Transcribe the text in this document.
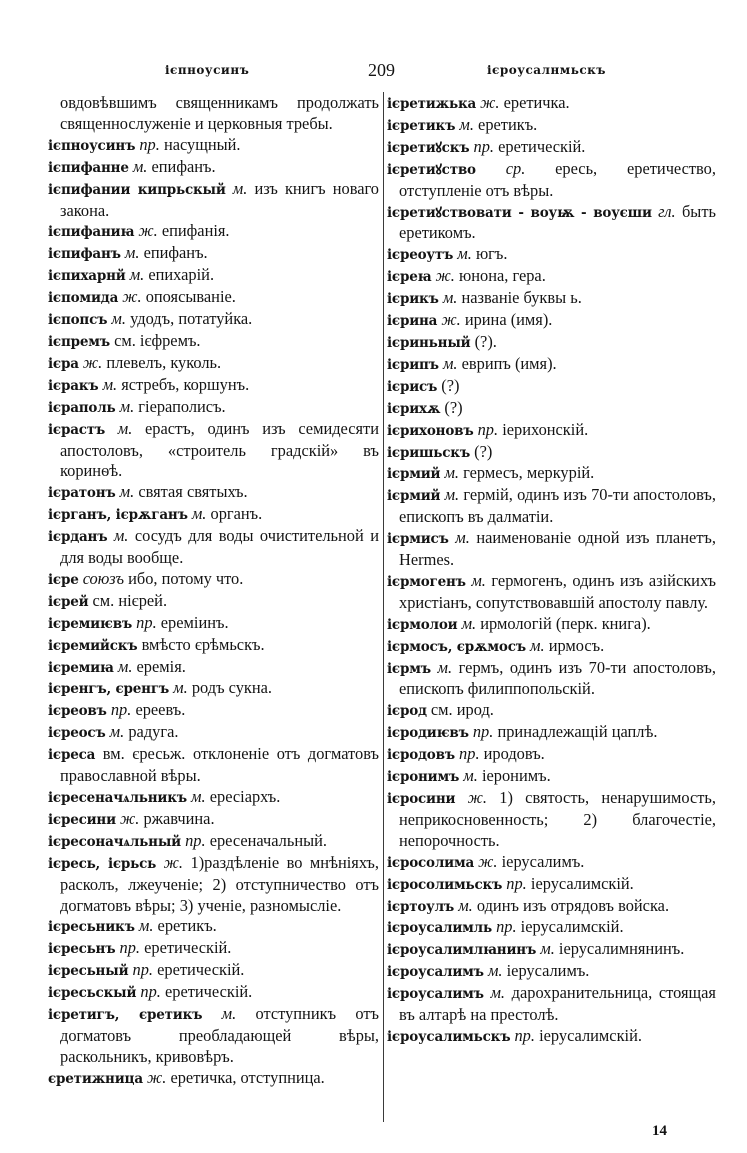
ієпноусинъ	209	ієроусалнмьскъ

овдовѣвшимъ священникамъ продолжать священнослуженіе и церковныя требы.

ієпноусинъ пр. насущный.

ієпифанне м. епифанъ.

ієпифании кипрьскый м. изъ книгъ новаго закона.

ієпифаниꙗ ж. епифанія.

ієпифанъ м. епифанъ.

ієпихарнй м. епихарій.

ієпомида ж. опоясываніе.

ієпопсъ м. удодъ, потатуйка.

ієпремъ см. ієфремъ.

ієра ж. плевелъ, куколь.

ієракъ м. ястребъ, коршунъ.

ієраполь м. гіераполисъ.

ієрастъ м. ерастъ, одинъ изъ семидесяти апостоловъ, «строитель градскій» въ коринѳѣ.

ієратонъ м. святая святыхъ.

ієрганъ, ієрѫганъ м. органъ.

ієрданъ м. сосудъ для воды очистительной и для воды вообще.

ієре союзъ ибо, потому что.

ієрей см. нієрей.

ієремиѥвъ пр. еремiинъ.

ієремийскъ вмѣсто єрѣмьскъ.

ієремиꙗ м. еремія.

ієренгъ, єренгъ м. родъ сукна.

ієреовъ пр. ереевъ.

ієреосъ м. радуга.

ієреса вм. єресьж. отклоненіе отъ догматовъ православной вѣры.

ієресеначѧльникъ м. ересiархъ.

ієресини ж. ржавчина.

ієресоначѧльный пр. ересеначальный.

ієресь, ієрьсь ж. 1)раздѣленіе во мнѣніяхъ, расколъ, лжеученіе; 2) отступничество отъ догматовъ вѣры; 3) ученіе, разномысліе.

ієресьникъ м. еретикъ.

ієресьнъ пр. еретическій.

ієресьный пр. еретическій.

ієресьскый пр. еретическій.

ієретигъ, єретикъ м. отступникъ отъ догматовъ преобладающей вѣры, раскольникъ, кривовѣръ.

єретижница ж. еретичка, отступница.

ієретижька ж. еретичка.

ієретикъ м. еретикъ.

ієретиꙋскъ пр. еретическій.

ієретиꙋство ср. ересь, еретичество, отступленіе отъ вѣры.

ієретиꙋствовати - воуѭ - воуєши гл. быть еретикомъ.

ієреоутъ м. югъ.

ієреꙗ ж. юнона, гера.

ієрикъ м. названіе буквы ь.

ієрина ж. ирина (имя).

ієриньный (?).

ієрипъ м. еврипъ (имя).

ієрисъ (?)

ієрихѫ (?)

ієрихоновъ пр. iерихонскiй.

ієришьскъ (?)

ієрмий м. гермесъ, меркурій.

ієрмий м. гермій, одинъ изъ 70-ти апостоловъ, епископъ въ далматіи.

ієрмисъ м. наименованіе одной изъ планетъ, Hermes.

ієрмогенъ м. гермогенъ, одинъ изъ азійскихъ христіанъ, сопутствовавшій апостолу павлу.

ієрмолои м. ирмологій (перк. книга).

ієрмосъ, єрѫмосъ м. ирмосъ.

ієрмъ м. гермъ, одинъ изъ 70-ти апостоловъ, епископъ филиппопольскій.

ієрод см. ирод.

ієродиѥвъ пр. принадлежащій цаплѣ.

ієродовъ пр. иродовъ.

ієронимъ м. iеронимъ.

ієросини ж. 1) святость, ненарушимость, неприкосновенность; 2) благочестіе, непорочность.

ієросолима ж. iерусалимъ.

ієросолимьскъ пр. iерусалимскiй.

ієртоулъ м. одинъ изъ отрядовъ войска.

ієроусалимль пр. iерусалимскiй.

ієроусалимлꙗнинъ м. iерусалимнянинъ.

ієроусалимъ м. iерусалимъ.

ієроусалимъ м. дарохранительница, стоящая въ алтарѣ на престолѣ.

ієроусалимьскъ пр. iерусалимскiй.

14
